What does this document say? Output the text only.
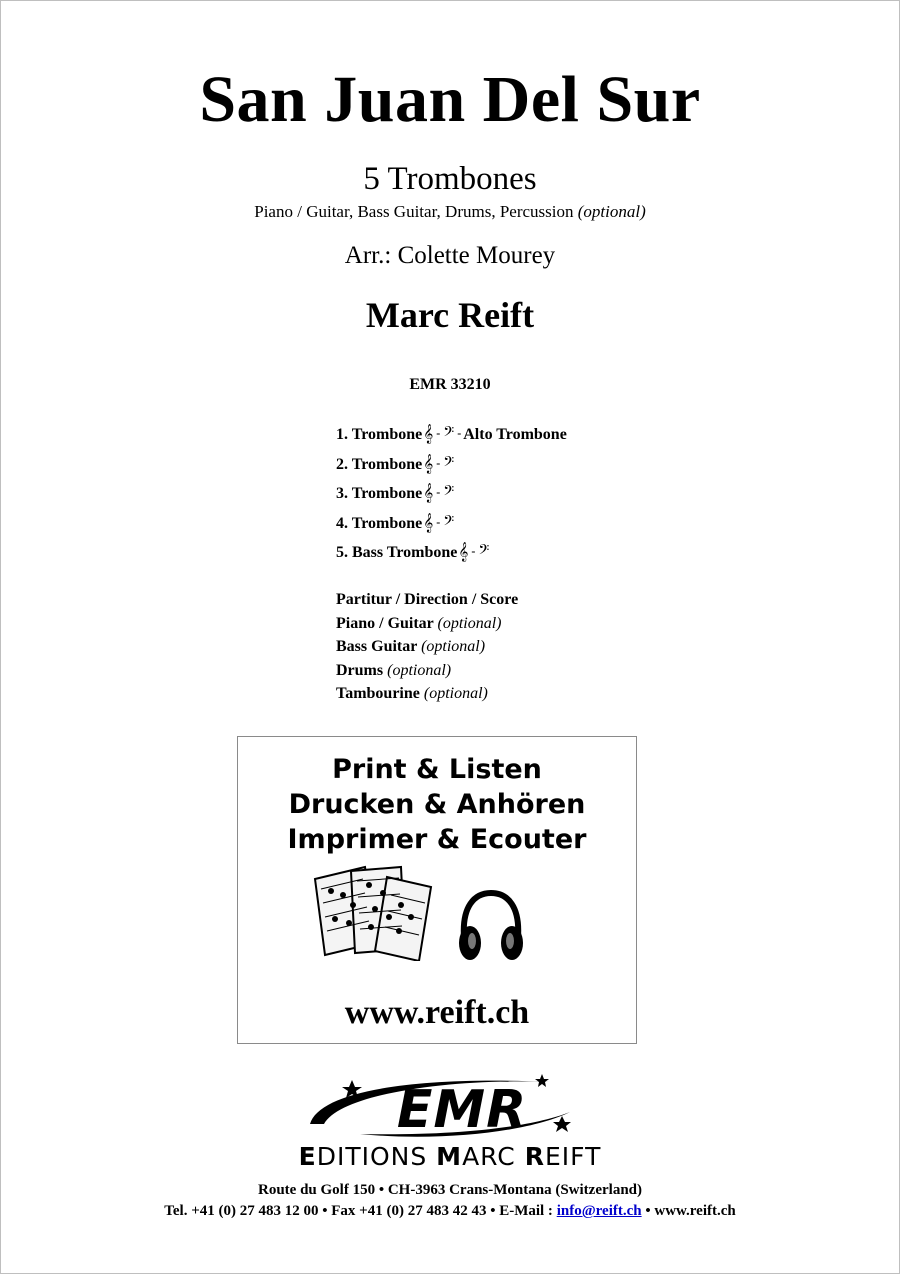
San Juan Del Sur
5 Trombones
Piano / Guitar, Bass Guitar, Drums, Percussion (optional)
Arr.: Colette Mourey
Marc Reift
EMR 33210
1. Trombone𝄞 - 𝄢 - Alto Trombone
2. Trombone𝄞 - 𝄢
3. Trombone𝄞 - 𝄢
4. Trombone𝄞 - 𝄢
5. Bass Trombone𝄞 - 𝄢
Partitur / Direction / Score
Piano / Guitar (optional)
Bass Guitar (optional)
Drums (optional)
Tambourine (optional)
Print & Listen
Drucken & Anhören
Imprimer & Ecouter
www.reift.ch
EMR
EDITIONS MARC REIFT
Route du Golf 150 • CH-3963 Crans-Montana (Switzerland)
Tel. +41 (0) 27 483 12 00 • Fax +41 (0) 27 483 42 43 • E-Mail : info@reift.ch • www.reift.ch
